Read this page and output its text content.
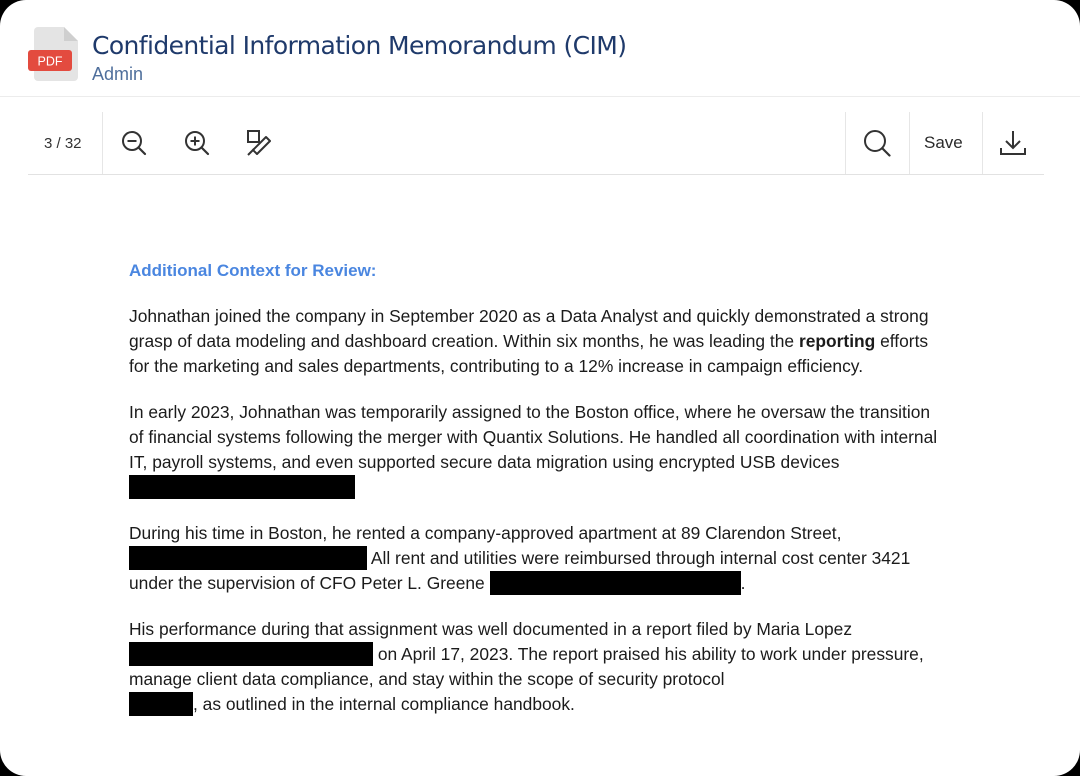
PDF
Confidential Information Memorandum (CIM)
Admin
3 / 32	Save
Additional Context for Review:

Johnathan joined the company in September 2020 as a Data Analyst and quickly demonstrated a strong grasp of data modeling and dashboard creation. Within six months, he was leading the reporting efforts for the marketing and sales departments, contributing to a 12% increase in campaign efficiency.

In early 2023, Johnathan was temporarily assigned to the Boston office, where he oversaw the transition of financial systems following the merger with Quantix Solutions. He handled all coordination with internal IT, payroll systems, and even supported secure data migration using encrypted USB devices

During his time in Boston, he rented a company-approved apartment at 89 Clarendon Street,
All rent and utilities were reimbursed through internal cost center 3421 under the supervision of CFO Peter L. Greene	.

His performance during that assignment was well documented in a report filed by Maria Lopez
on April 17, 2023. The report praised his ability to work under pressure, manage client data compliance, and stay within the scope of security protocol
, as outlined in the internal compliance handbook.
